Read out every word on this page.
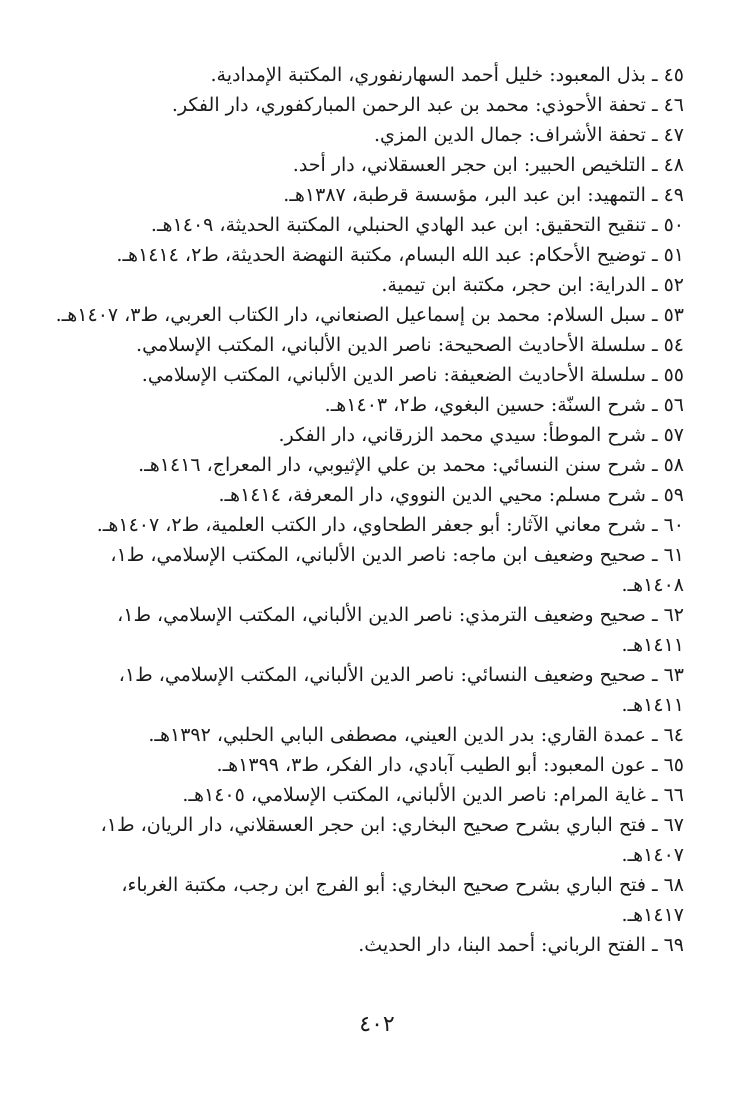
٤٥ ـ بذل المعبود: خليل أحمد السهارنفوري، المكتبة الإمدادية.

٤٦ ـ تحفة الأحوذي: محمد بن عبد الرحمن المباركفوري، دار الفكر.

٤٧ ـ تحفة الأشراف: جمال الدين المزي.

٤٨ ـ التلخيص الحبير: ابن حجر العسقلاني، دار أحد.

٤٩ ـ التمهيد: ابن عبد البر، مؤسسة قرطبة، ١٣٨٧هـ.

٥٠ ـ تنقيح التحقيق: ابن عبد الهادي الحنبلي، المكتبة الحديثة، ١٤٠٩هـ.

٥١ ـ توضيح الأحكام: عبد الله البسام، مكتبة النهضة الحديثة، ط٢، ١٤١٤هـ.

٥٢ ـ الدراية: ابن حجر، مكتبة ابن تيمية.

٥٣ ـ سبل السلام: محمد بن إسماعيل الصنعاني، دار الكتاب العربي، ط٣، ١٤٠٧هـ.

٥٤ ـ سلسلة الأحاديث الصحيحة: ناصر الدين الألباني، المكتب الإسلامي.

٥٥ ـ سلسلة الأحاديث الضعيفة: ناصر الدين الألباني، المكتب الإسلامي.

٥٦ ـ شرح السنّة: حسين البغوي، ط٢، ١٤٠٣هـ.

٥٧ ـ شرح الموطأ: سيدي محمد الزرقاني، دار الفكر.

٥٨ ـ شرح سنن النسائي: محمد بن علي الإثيوبي، دار المعراج، ١٤١٦هـ.

٥٩ ـ شرح مسلم: محيي الدين النووي، دار المعرفة، ١٤١٤هـ.

٦٠ ـ شرح معاني الآثار: أبو جعفر الطحاوي، دار الكتب العلمية، ط٢، ١٤٠٧هـ.

٦١ ـ صحيح وضعيف ابن ماجه: ناصر الدين الألباني، المكتب الإسلامي، ط١،
١٤٠٨هـ.
٦٢ ـ صحيح وضعيف الترمذي: ناصر الدين الألباني، المكتب الإسلامي، ط١،
١٤١١هـ.
٦٣ ـ صحيح وضعيف النسائي: ناصر الدين الألباني، المكتب الإسلامي، ط١،
١٤١١هـ.

٦٤ ـ عمدة القاري: بدر الدين العيني، مصطفى البابي الحلبي، ١٣٩٢هـ.

٦٥ ـ عون المعبود: أبو الطيب آبادي، دار الفكر، ط٣، ١٣٩٩هـ.

٦٦ ـ غاية المرام: ناصر الدين الألباني، المكتب الإسلامي، ١٤٠٥هـ.

٦٧ ـ فتح الباري بشرح صحيح البخاري: ابن حجر العسقلاني، دار الريان، ط١،
١٤٠٧هـ.
٦٨ ـ فتح الباري بشرح صحيح البخاري: أبو الفرج ابن رجب، مكتبة الغرباء،
١٤١٧هـ.

٦٩ ـ الفتح الرباني: أحمد البنا، دار الحديث.

٤٠٢
